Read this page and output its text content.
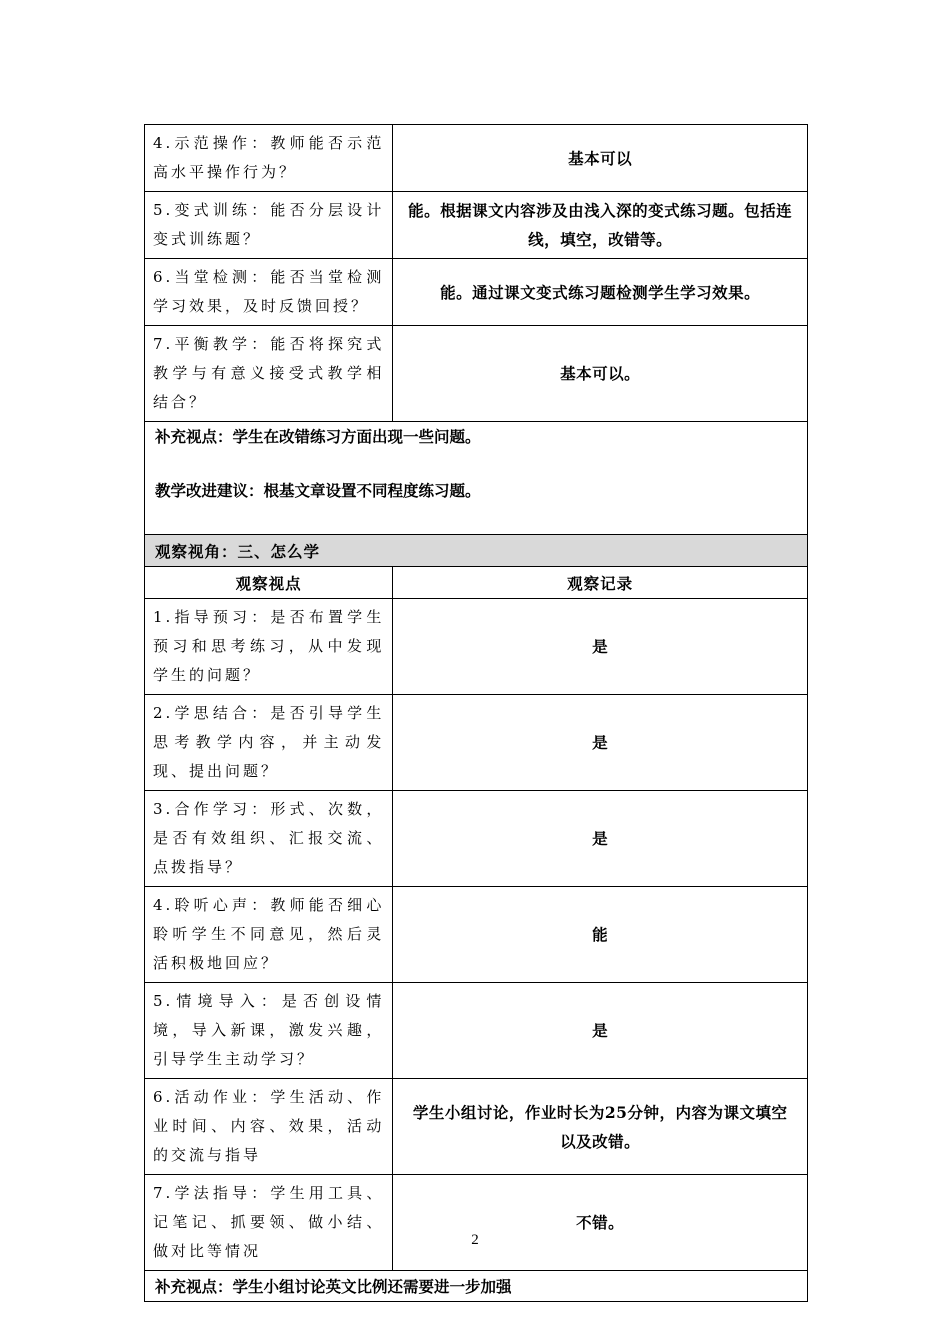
4.示范操作：教师能否示范高水平操作行为？	基本可以
5.变式训练：能否分层设计变式训练题？	能。根据课文内容涉及由浅入深的变式练习题。包括连线，填空，改错等。
6.当堂检测：能否当堂检测学习效果，及时反馈回授？	能。通过课文变式练习题检测学生学习效果。
7.平衡教学：能否将探究式教学与有意义接受式教学相结合？	基本可以。

补充视点：学生在改错练习方面出现一些问题。

教学改进建议：根基文章设置不同程度练习题。	

观察视角：三、怎么学	
观察视点	观察记录
1.指导预习：是否布置学生预习和思考练习，从中发现学生的问题？	是
2.学思结合：是否引导学生思考教学内容，并主动发现、提出问题？	是
3.合作学习：形式、次数，是否有效组织、汇报交流、点拨指导？	是
4.聆听心声：教师能否细心聆听学生不同意见，然后灵活积极地回应？	能
5.情境导入：是否创设情境，导入新课，激发兴趣，引导学生主动学习？	是
6.活动作业：学生活动、作业时间、内容、效果，活动的交流与指导	学生小组讨论，作业时长为25分钟，内容为课文填空以及改错。
7.学法指导：学生用工具、记笔记、抓要领、做小结、做对比等情况	不错。
补充视点：学生小组讨论英文比例还需要进一步加强	
2
